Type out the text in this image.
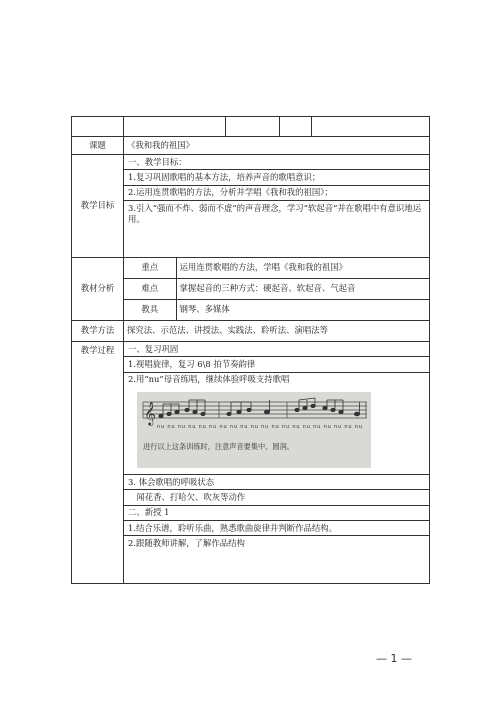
课题	《我和我的祖国》
教学目标	
一、教学目标：
1.复习巩固歌唱的基本方法，培养声音的歌唱意识；
2.运用连贯歌唱的方法，分析并学唱《我和我的祖国》；
3.引入“强而不炸、弱而不虚”的声音理念，学习“软起音“并在歌唱中有意识地运用。

教材分析	
重点	运用连贯歌唱的方法，学唱《我和我的祖国》
难点	掌握起音的三种方式：硬起音、软起音、气起音
教具	钢琴、多媒体

教学方法	探究法、示范法、讲授法、实践法、聆听法、演唱法等
教学过程	一、复习巩固
1.视唱旋律，复习 6\8 拍节奏韵律
2.用“nu”母音练唱，继续体验呼吸支持歌唱
𝄞
nu nu nu nu nu nu nu nu nu nu nu nu nu nu nu nu nu nu nu nu
进行以上这条训练时，注意声音要集中、圆润。
3. 体会歌唱的呼吸状态
　闻花香、打哈欠、吹灰等动作
二、新授 1
1.结合乐谱，聆听乐曲，熟悉歌曲旋律并判断作品结构。
2.跟随教师讲解，了解作品结构
— 1 —
